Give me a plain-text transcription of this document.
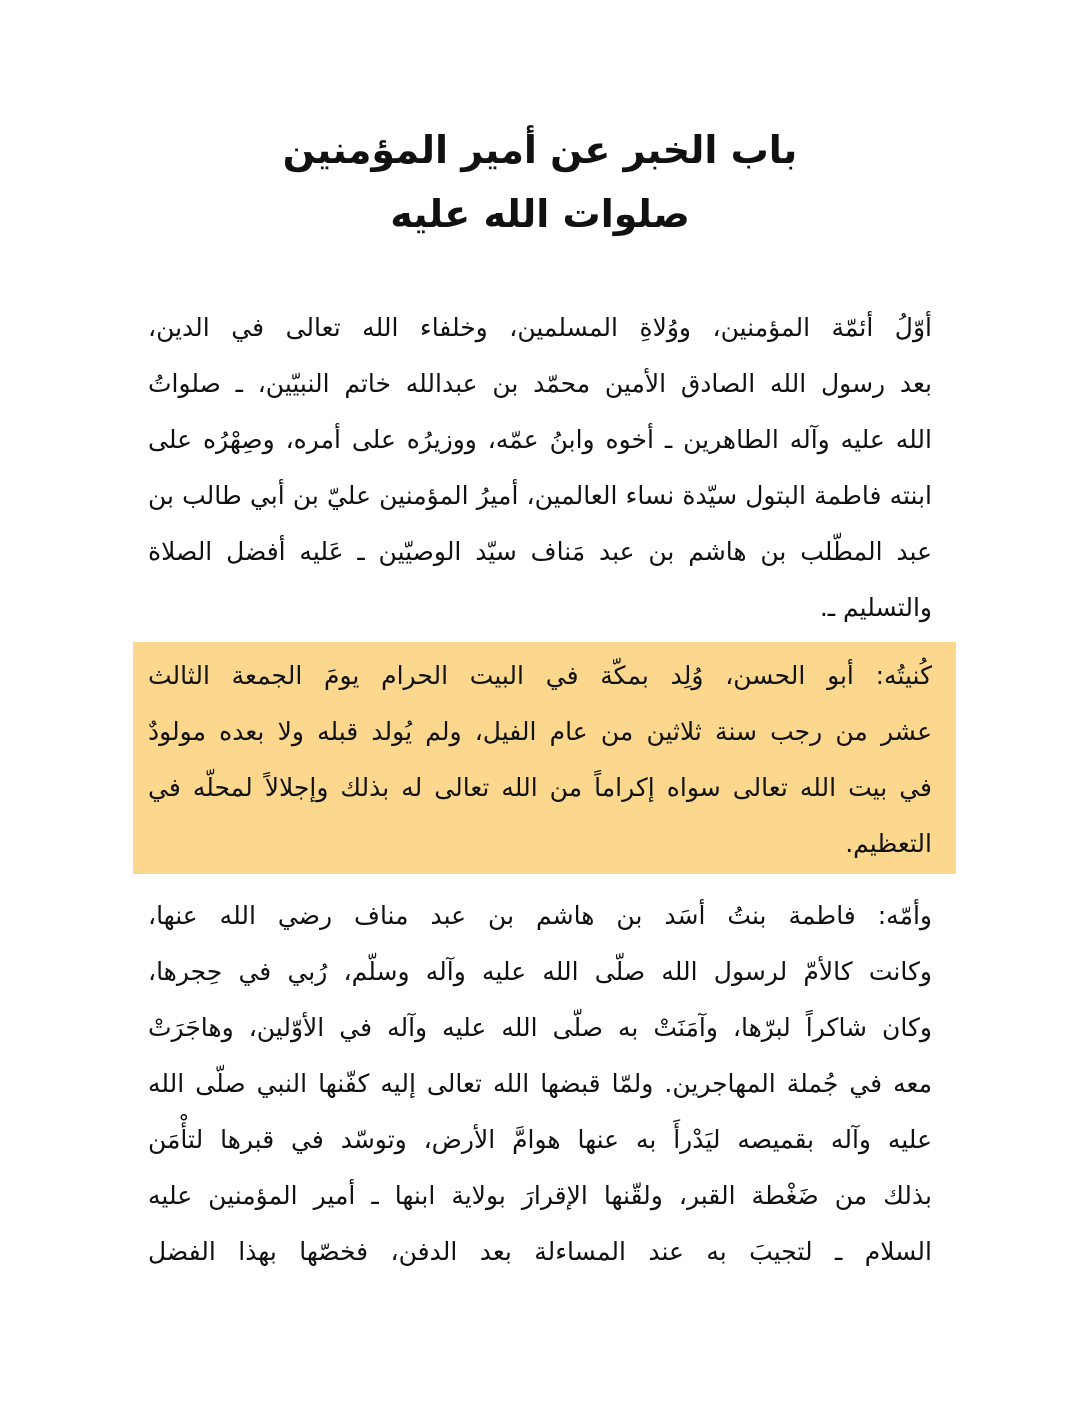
باب الخبر عن أمير المؤمنين
صلوات الله عليه
أوّلُ أئمّة المؤمنين، ووُلاةِ المسلمين، وخلفاء الله تعالى في الدين،
بعد رسول الله الصادق الأمين محمّد بن عبدالله خاتم النبيّين، ـ صلواتُ
الله عليه وآله الطاهرين ـ أخوه وابنُ عمّه، ووزيرُه على أمره، وصِهْرُه على
ابنته فاطمة البتول سيّدة نساء العالمين، أميرُ المؤمنين عليّ بن أبي طالب بن
عبد المطّلب بن هاشم بن عبد مَناف سيّد الوصيّين ـ عَليه أفضل الصلاة
والتسليم ـ.
كُنيتُه: أبو الحسن، وُلِد بمكّة في البيت الحرام يومَ الجمعة الثالث
عشر من رجب سنة ثلاثين من عام الفيل، ولم يُولد قبله ولا بعده مولودٌ
في بيت الله تعالى سواه إكراماً من الله تعالى له بذلك وإجلالاً لمحلّه في
التعظيم.
وأمّه: فاطمة بنتُ أسَد بن هاشم بن عبد مناف رضي الله عنها،
وكانت كالأمّ لرسول الله صلّى الله عليه وآله وسلّم، رُبي في حِجرها،
وكان شاكراً لبرّها، وآمَنَتْ به صلّى الله عليه وآله في الأوّلين، وهاجَرَتْ
معه في جُملة المهاجرين. ولمّا قبضها الله تعالى إليه كفّنها النبي صلّى الله
عليه وآله بقميصه ليَدْرأَ به عنها هوامَّ الأرض، وتوسّد في قبرها لتأْمَن
بذلك من ضَغْطة القبر، ولقّنها الإقرارَ بولاية ابنها ـ أمير المؤمنين عليه
السلام ـ لتجيبَ به عند المساءلة بعد الدفن، فخصّها بهذا الفضل
